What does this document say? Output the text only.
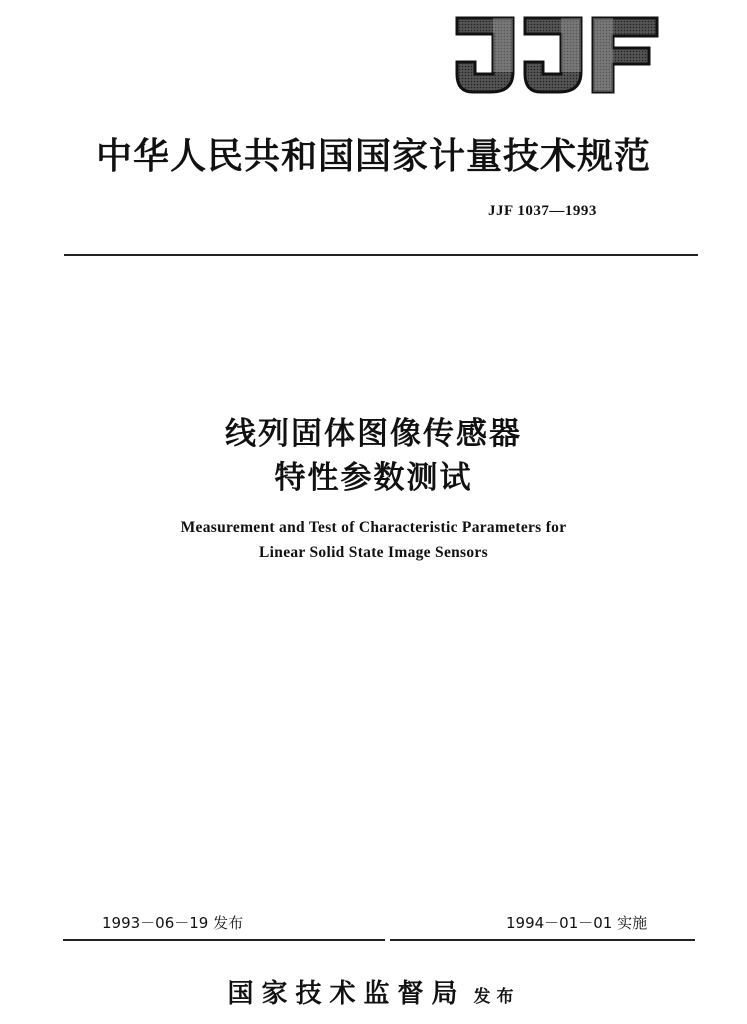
JJF
中华人民共和国国家计量技术规范
JJF 1037—1993
线列固体图像传感器
特性参数测试
Measurement and Test of Characteristic Parameters for
Linear Solid State Image Sensors
1993－06－19 发布	1994－01－01 实施
国家技术监督局 发布
